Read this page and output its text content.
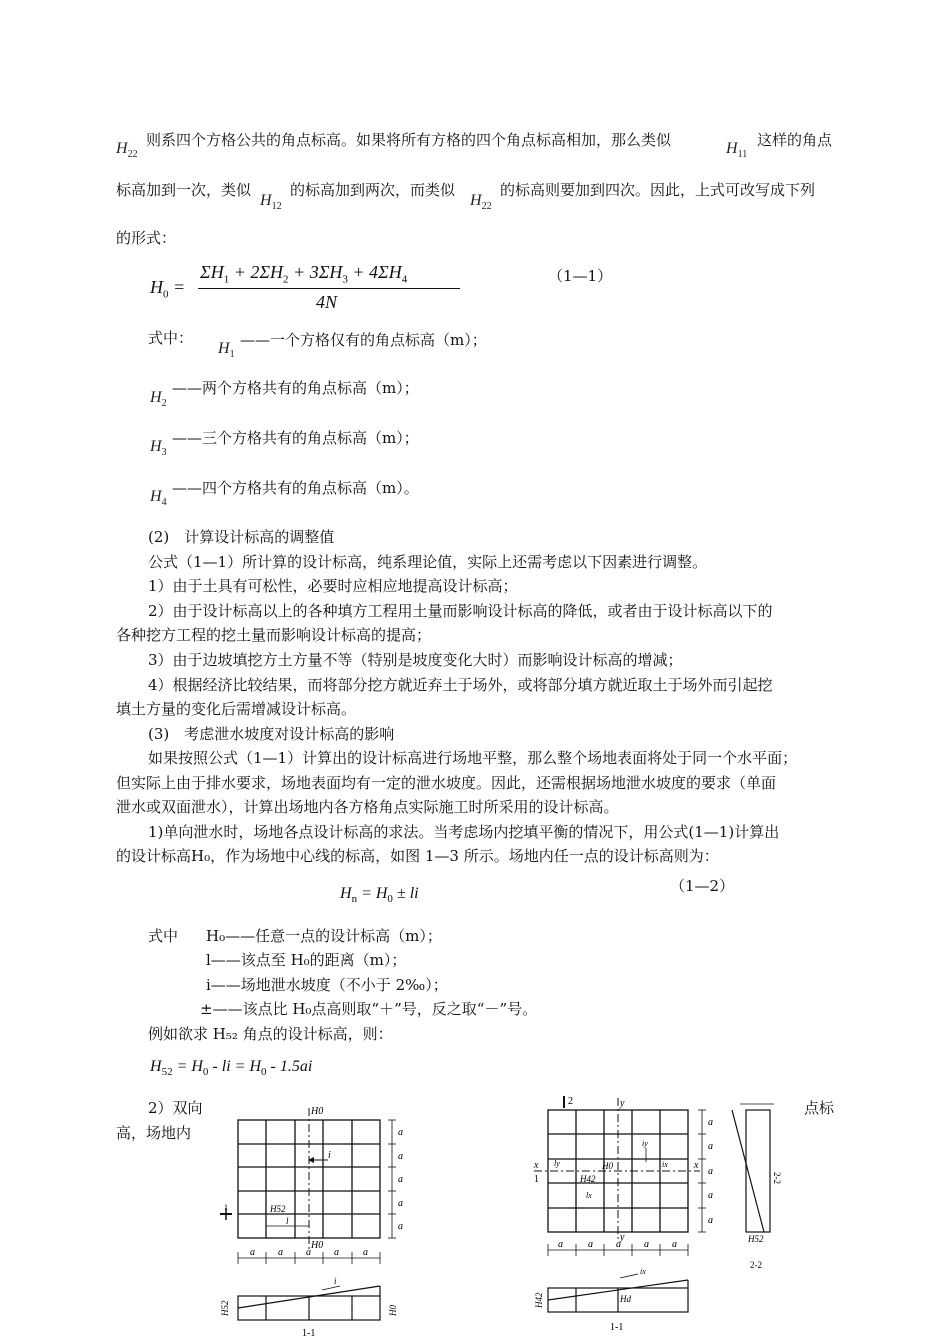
$H_{22}$
则系四个方格公共的角点标高。如果将所有方格的四个角点标高相加，那么类似	$H_{11}$
这样的角点
标高加到一次，类似
$H_{12}$
的标高加到两次，而类似
$H_{22}$
的标高则要加到四次。因此，上式可改写成下列
的形式：
$H_0$ =
$\Sigma H_1 + 2\Sigma H_2 + 3\Sigma H_3 + 4\Sigma H_4$
4N
（1—1）
式中：
$H_1$
——一个方格仅有的角点标高（m）；
$H_2$
——两个方格共有的角点标高（m）；
$H_3$
——三个方格共有的角点标高（m）；
$H_4$
——四个方格共有的角点标高（m）。
(2)　计算设计标高的调整值
公式（1—1）所计算的设计标高，纯系理论值，实际上还需考虑以下因素进行调整。
1）由于土具有可松性，必要时应相应地提高设计标高；
2）由于设计标高以上的各种填方工程用土量而影响设计标高的降低，或者由于设计标高以下的
各种挖方工程的挖土量而影响设计标高的提高；
3）由于边坡填挖方土方量不等（特别是坡度变化大时）而影响设计标高的增减；
4）根据经济比较结果，而将部分挖方就近弃土于场外，或将部分填方就近取土于场外而引起挖
填土方量的变化后需增减设计标高。
(3)　考虑泄水坡度对设计标高的影响
如果按照公式（1—1）计算出的设计标高进行场地平整，那么整个场地表面将处于同一个水平面；
但实际上由于排水要求，场地表面均有一定的泄水坡度。因此，还需根据场地泄水坡度的要求（单面
泄水或双面泄水），计算出场地内各方格角点实际施工时所采用的设计标高。
1)单向泄水时，场地各点设计标高的求法。当考虑场内挖填平衡的情况下，用公式(1—1)计算出
的设计标高H₀，作为场地中心线的标高，如图 1—3 所示。场地内任一点的设计标高则为：
$H_n = H_0$ ± li	（1—2）
式中 H₀——任意一点的设计标高（m）；
l——该点至 H₀的距离（m）；
i——场地泄水坡度（不小于 2‰）；
±——该点比 H₀点高则取“＋”号，反之取“－”号。
例如欲求 H₅₂ 角点的设计标高，则：
$H_{52} = H_0$ - li = $H_0 - 1.5ai$
2）双向	点标
高，场地内
H0
H0
i
H52
l
1
a
a
a
a
a
a a a a a
i
H52	H0
1-1
y
y
x	x
2
1
H0
H42
lx
ly
iy
ix
a
a
a
a
a
a	a a a a
2-2
H52
2-2
ix
H42	Hd
1-1
